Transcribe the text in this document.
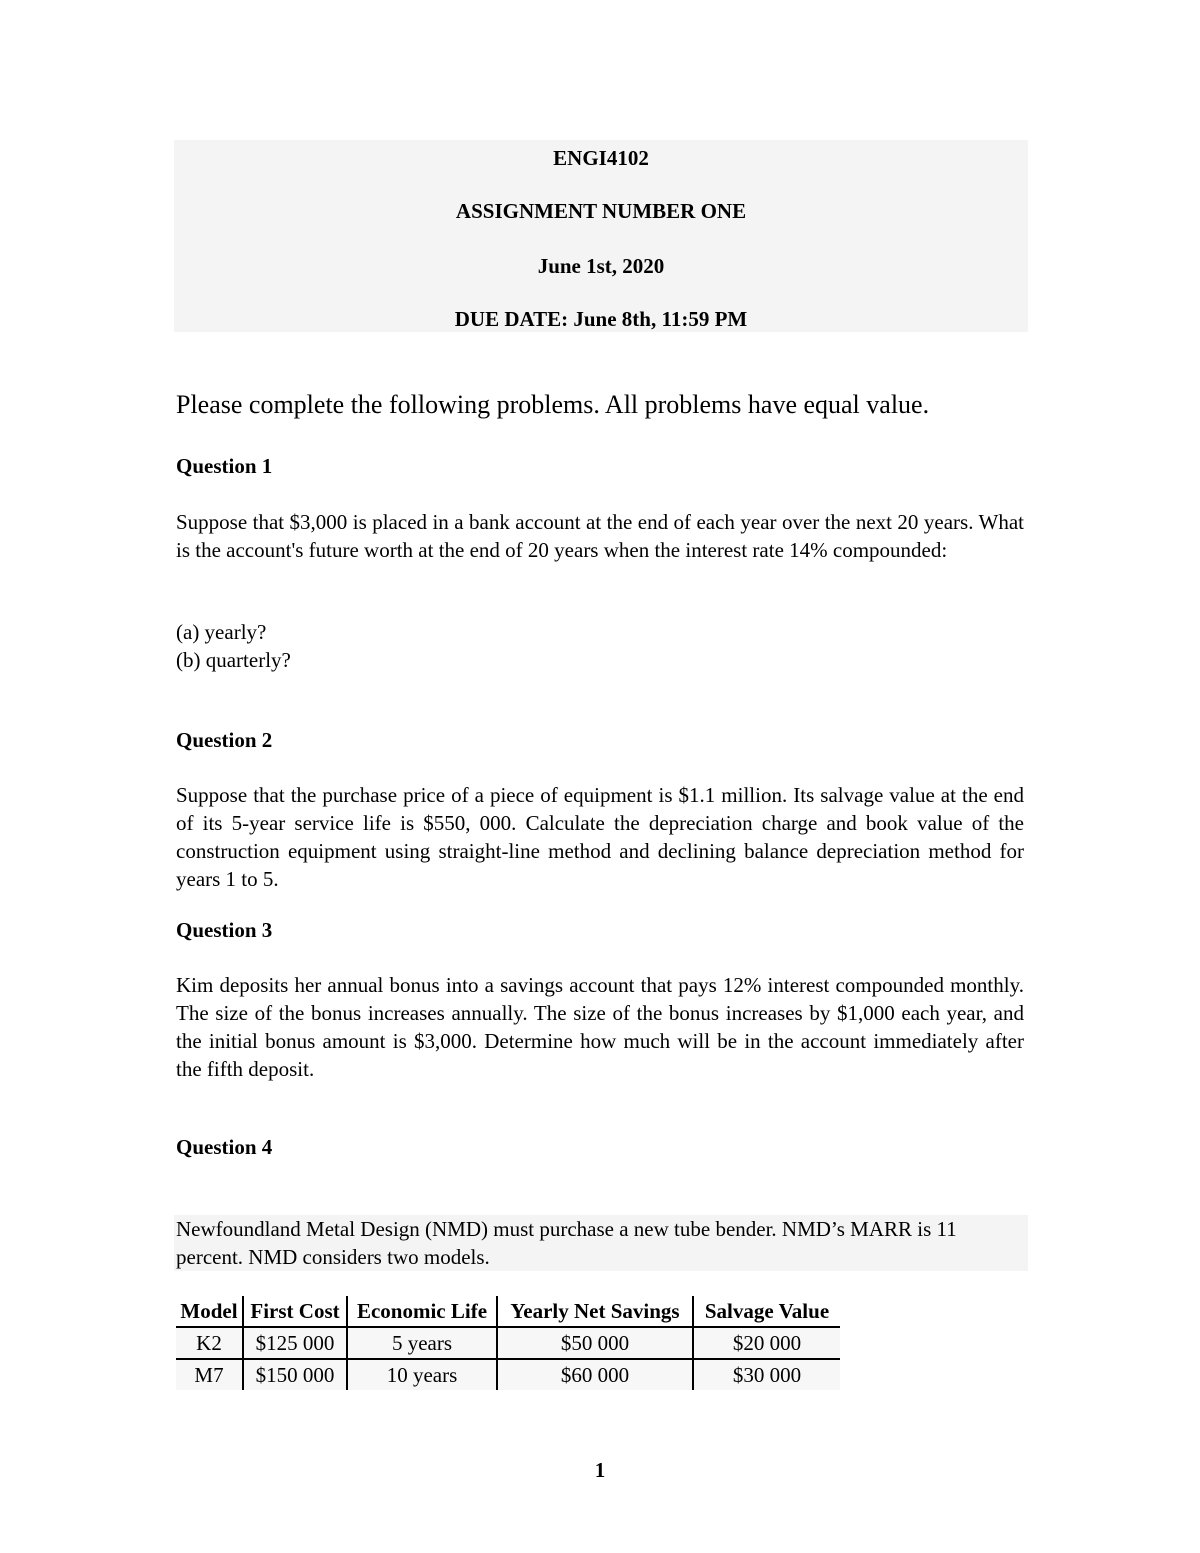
ENGI4102
ASSIGNMENT NUMBER ONE
June 1st, 2020
DUE DATE: June 8th, 11:59 PM
Please complete the following problems. All problems have equal value.
Question 1

Suppose that $3,000 is placed in a bank account at the end of each year over the next 20 years. What is the account's future worth at the end of 20 years when the interest rate 14% compounded:

(a) yearly?
(b) quarterly?
Question 2

Suppose that the purchase price of a piece of equipment is $1.1 million. Its salvage value at the end of its 5-year service life is $550, 000. Calculate the depreciation charge and book value of the construction equipment using straight-line method and declining balance depreciation method for years 1 to 5.

Question 3

Kim deposits her annual bonus into a savings account that pays 12% interest compounded monthly. The size of the bonus increases annually. The size of the bonus increases by $1,000 each year, and the initial bonus amount is $3,000. Determine how much will be in the account immediately after the fifth deposit.

Question 4
Newfoundland Metal Design (NMD) must purchase a new tube bender. NMD’s MARR is 11 percent. NMD considers two models.
Model	First Cost	Economic Life	Yearly Net Savings	Salvage Value
K2	$125 000	5 years	$50 000	$20 000
M7	$150 000	10 years	$60 000	$30 000
1
